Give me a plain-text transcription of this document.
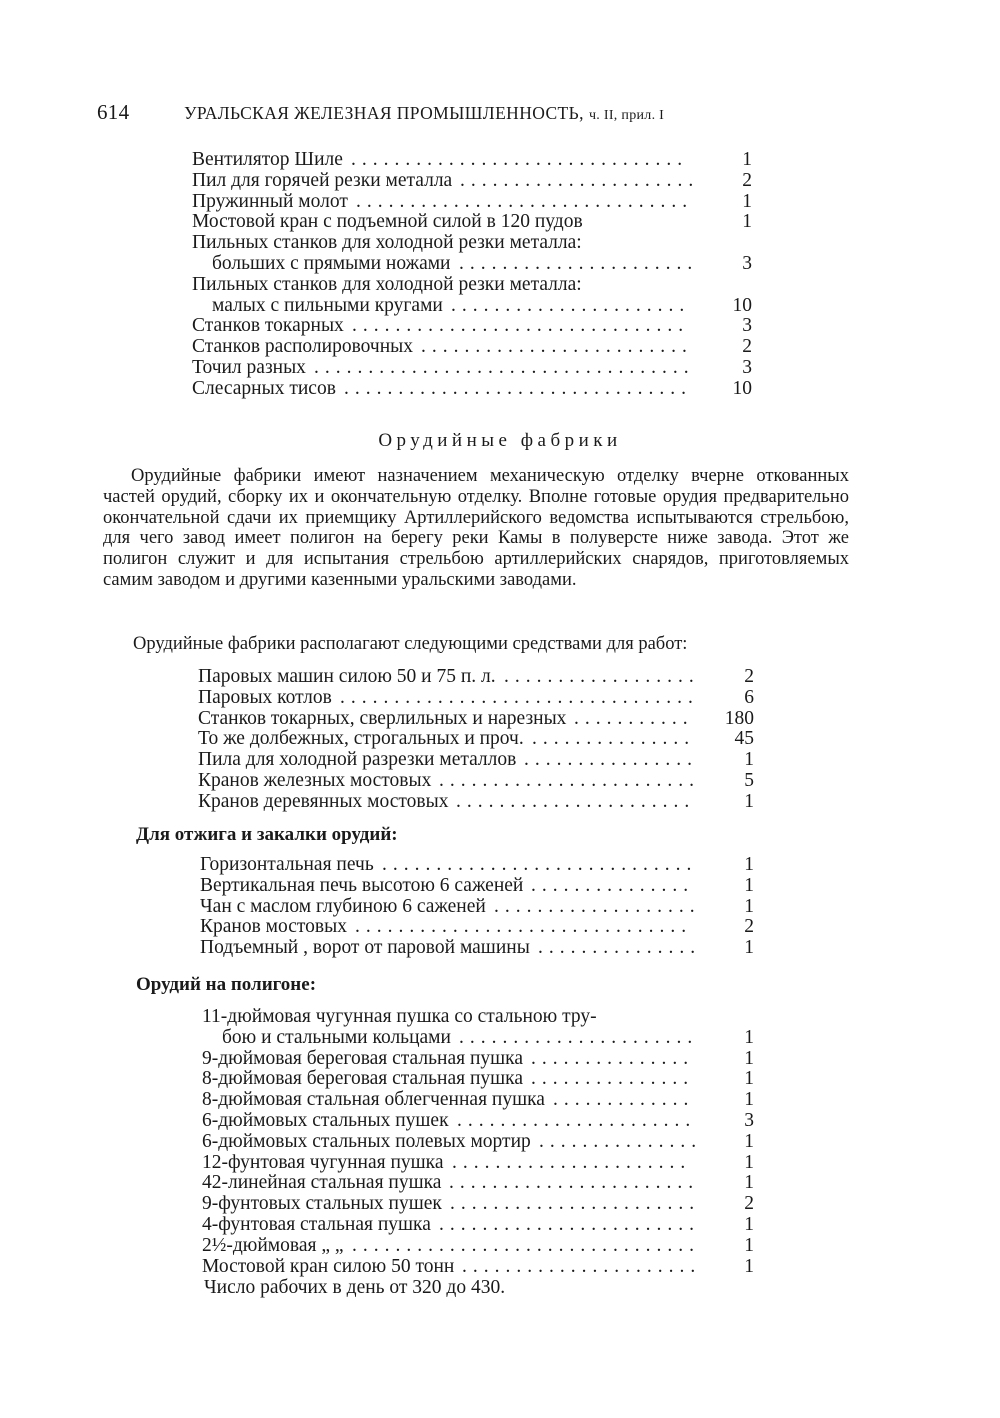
614	УРАЛЬСКАЯ ЖЕЛЕЗНАЯ ПРОМЫШЛЕННОСТЬ, ч. II, прил. I
Вентилятор Шиле	1
...............................
Пил для горячей резки металла	2
......................
Пружинный молот	1
...............................
Мостовой кран с подъемной силой в 120 пудов	1
Пильных станков для холодной резки металла:
больших с прямыми ножами	3
......................
Пильных станков для холодной резки металла:
малых с пильными кругами	10
......................
Станков токарных	3
...............................
Станков располировочных	2
.........................
Точил разных	3
...................................
Слесарных тисов	10
................................
Орудийные фабрики
Орудийные фабрики имеют назначением механическую отделку вчерне откованных частей орудий, сборку их и окончательную отделку. Вполне готовые орудия предварительно окончательной сдачи их приемщику Артиллерийского ведомства испытываются стрельбою, для чего завод имеет полигон на берегу реки Камы в полуверсте ниже завода. Этот же полигон служит и для испытания стрельбою артиллерийских снарядов, приготовляемых самим заводом и другими казенными уральскими заводами.
Орудийные фабрики располагают следующими средствами для работ:
Паровых машин силою 50 и 75 п. л.	2
..................
Паровых котлов	6
.................................
Станков токарных, сверлильных и нарезных	180
...........
То же долбежных, строгальных и проч.	45
...............
Пила для холодной разрезки металлов	1
................
Кранов железных мостовых	5
........................
Кранов деревянных мостовых	1
......................
Для отжига и закалки орудий:
Горизонтальная печь	1
.............................
Вертикальная печь высотою 6 саженей	1
...............
Чан с маслом глубиною 6 саженей	1
...................
Кранов мостовых	2
...............................
Подъемный , ворот от паровой машины	1
...............
Орудий на полигоне:
11-дюймовая чугунная пушка со стальною тру-
бою и стальными кольцами	1
......................
9-дюймовая береговая стальная пушка	1
...............
8-дюймовая береговая стальная пушка	1
...............
8-дюймовая стальная облегченная пушка	1
.............
6-дюймовых стальных пушек	3
......................
6-дюймовых стальных полевых мортир	1
...............
12-фунтовая чугунная пушка	1
......................
42-линейная стальная пушка	1
.......................
9-фунтовых стальных пушек	2
.......................
4-фунтовая стальная пушка	1
........................
2½-дюймовая „ „	1
................................
Мостовой кран силою 50 тонн	1
......................
Число рабочих в день от 320 до 430.
